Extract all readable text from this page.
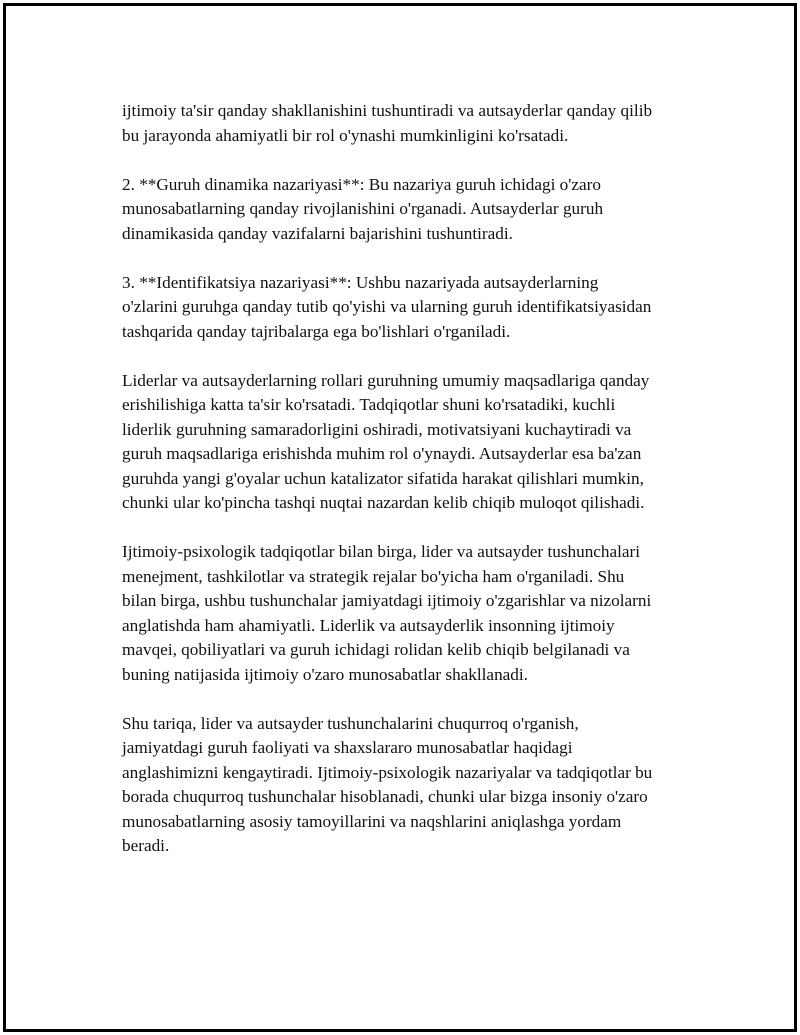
ijtimoiy ta'sir qanday shakllanishini tushuntiradi va autsayderlar qanday qilib
bu jarayonda ahamiyatli bir rol o'ynashi mumkinligini ko'rsatadi.

2. **Guruh dinamika nazariyasi**: Bu nazariya guruh ichidagi o'zaro
munosabatlarning qanday rivojlanishini o'rganadi. Autsayderlar guruh
dinamikasida qanday vazifalarni bajarishini tushuntiradi.

3. **Identifikatsiya nazariyasi**: Ushbu nazariyada autsayderlarning
o'zlarini guruhga qanday tutib qo'yishi va ularning guruh identifikatsiyasidan
tashqarida qanday tajribalarga ega bo'lishlari o'rganiladi.

Liderlar va autsayderlarning rollari guruhning umumiy maqsadlariga qanday
erishilishiga katta ta'sir ko'rsatadi. Tadqiqotlar shuni ko'rsatadiki, kuchli
liderlik guruhning samaradorligini oshiradi, motivatsiyani kuchaytiradi va
guruh maqsadlariga erishishda muhim rol o'ynaydi. Autsayderlar esa ba'zan
guruhda yangi g'oyalar uchun katalizator sifatida harakat qilishlari mumkin,
chunki ular ko'pincha tashqi nuqtai nazardan kelib chiqib muloqot qilishadi.

Ijtimoiy-psixologik tadqiqotlar bilan birga, lider va autsayder tushunchalari
menejment, tashkilotlar va strategik rejalar bo'yicha ham o'rganiladi. Shu
bilan birga, ushbu tushunchalar jamiyatdagi ijtimoiy o'zgarishlar va nizolarni
anglatishda ham ahamiyatli. Liderlik va autsayderlik insonning ijtimoiy
mavqei, qobiliyatlari va guruh ichidagi rolidan kelib chiqib belgilanadi va
buning natijasida ijtimoiy o'zaro munosabatlar shakllanadi.

Shu tariqa, lider va autsayder tushunchalarini chuqurroq o'rganish,
jamiyatdagi guruh faoliyati va shaxslararo munosabatlar haqidagi
anglashimizni kengaytiradi. Ijtimoiy-psixologik nazariyalar va tadqiqotlar bu
borada chuqurroq tushunchalar hisoblanadi, chunki ular bizga insoniy o'zaro
munosabatlarning asosiy tamoyillarini va naqshlarini aniqlashga yordam
beradi.
